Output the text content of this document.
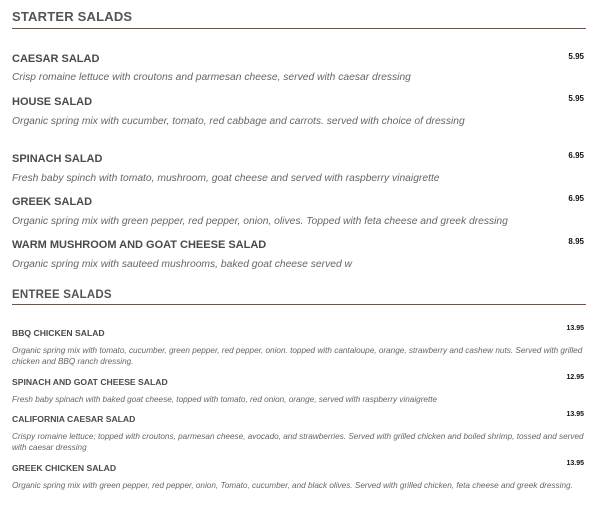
STARTER SALADS
CAESAR SALAD	5.95
Crisp romaine lettuce with croutons and parmesan cheese, served with caesar dressing
HOUSE SALAD	5.95
Organic spring mix with cucumber, tomato, red cabbage and carrots. served with choice of dressing
SPINACH SALAD	6.95
Fresh baby spinch with tomato, mushroom, goat cheese and served with raspberry vinaigrette
GREEK SALAD	6.95
Organic spring mix with green pepper, red pepper, onion, olives. Topped with feta cheese and greek dressing
WARM MUSHROOM AND GOAT CHEESE SALAD	8.95
Organic spring mix with sauteed mushrooms, baked goat cheese served w
ENTREE SALADS
BBQ CHICKEN SALAD	13.95
Organic spring mix with tomato, cucumber, green pepper, red pepper, onion. topped with cantaloupe, orange, strawberry and cashew nuts. Served with grilled chicken and BBQ ranch dressing.
SPINACH AND GOAT CHEESE SALAD	12.95
Fresh baby spinach with baked goat cheese, topped with tomato, red onion, orange, served with raspberry vinaigrette
CALIFORNIA CAESAR SALAD	13.95
Crispy romaine lettuce; topped with croutons, parmesan cheese, avocado, and strawberries. Served with grilled chicken and boiled shrimp, tossed and served with caesar dressing
GREEK CHICKEN SALAD	13.95
Organic spring mix with green pepper, red pepper, onion, Tomato, cucumber, and black olives. Served with grilled chicken, feta cheese and greek dressing.
